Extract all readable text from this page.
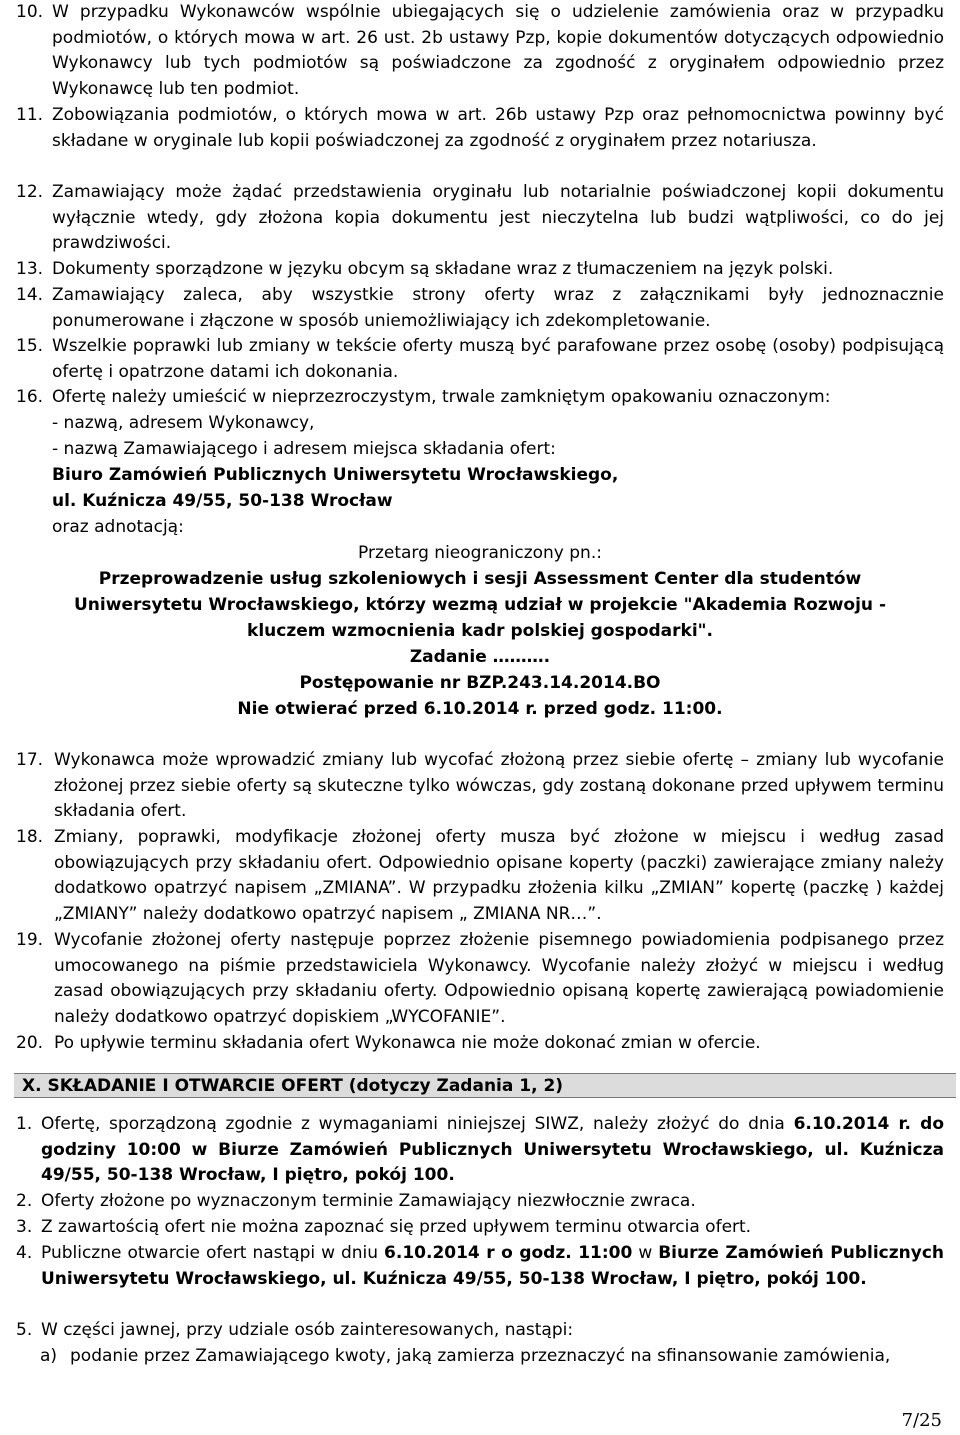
10. W przypadku Wykonawców wspólnie ubiegających się o udzielenie zamówienia oraz w przypadku podmiotów, o których mowa w art. 26 ust. 2b ustawy Pzp, kopie dokumentów dotyczących odpowiednio Wykonawcy lub tych podmiotów są poświadczone za zgodność z oryginałem odpowiednio przez Wykonawcę lub ten podmiot.
11. Zobowiązania podmiotów, o których mowa w art. 26b ustawy Pzp oraz pełnomocnictwa powinny być składane w oryginale lub kopii poświadczonej za zgodność z oryginałem przez notariusza.
12. Zamawiający może żądać przedstawienia oryginału lub notarialnie poświadczonej kopii dokumentu wyłącznie wtedy, gdy złożona kopia dokumentu jest nieczytelna lub budzi wątpliwości, co do jej prawdziwości.
13. Dokumenty sporządzone w języku obcym są składane wraz z tłumaczeniem na język polski.
14. Zamawiający zaleca, aby wszystkie strony oferty wraz z załącznikami były jednoznacznie ponumerowane i złączone w sposób uniemożliwiający ich zdekompletowanie.
15. Wszelkie poprawki lub zmiany w tekście oferty muszą być parafowane przez osobę (osoby) podpisującą ofertę i opatrzone datami ich dokonania.
16. Ofertę należy umieścić w nieprzezroczystym, trwale zamkniętym opakowaniu oznaczonym:
- nazwą, adresem Wykonawcy,
- nazwą Zamawiającego i adresem miejsca składania ofert:
Biuro Zamówień Publicznych Uniwersytetu Wrocławskiego,
ul. Kuźnicza 49/55, 50-138 Wrocław
oraz adnotacją:
Przetarg nieograniczony pn.:
Przeprowadzenie usług szkoleniowych i sesji Assessment Center dla studentów
Uniwersytetu Wrocławskiego, którzy wezmą udział w projekcie "Akademia Rozwoju -
kluczem wzmocnienia kadr polskiej gospodarki".
Zadanie ……….
Postępowanie nr BZP.243.14.2014.BO
Nie otwierać przed 6.10.2014 r. przed godz. 11:00.
17. Wykonawca może wprowadzić zmiany lub wycofać złożoną przez siebie ofertę – zmiany lub wycofanie złożonej przez siebie oferty są skuteczne tylko wówczas, gdy zostaną dokonane przed upływem terminu składania ofert.
18. Zmiany, poprawki, modyfikacje złożonej oferty musza być złożone w miejscu i według zasad obowiązujących przy składaniu ofert. Odpowiednio opisane koperty (paczki) zawierające zmiany należy dodatkowo opatrzyć napisem „ZMIANA”. W przypadku złożenia kilku „ZMIAN” kopertę (paczkę ) każdej „ZMIANY” należy dodatkowo opatrzyć napisem „ ZMIANA NR…”.
19. Wycofanie złożonej oferty następuje poprzez złożenie pisemnego powiadomienia podpisanego przez umocowanego na piśmie przedstawiciela Wykonawcy. Wycofanie należy złożyć w miejscu i według zasad obowiązujących przy składaniu oferty. Odpowiednio opisaną kopertę zawierającą powiadomienie należy dodatkowo opatrzyć dopiskiem „WYCOFANIE”.
20. Po upływie terminu składania ofert Wykonawca nie może dokonać zmian w ofercie.
X. SKŁADANIE I OTWARCIE OFERT (dotyczy Zadania 1, 2)
1. Ofertę, sporządzoną zgodnie z wymaganiami niniejszej SIWZ, należy złożyć do dnia 6.10.2014 r. do godziny 10:00 w Biurze Zamówień Publicznych Uniwersytetu Wrocławskiego, ul. Kuźnicza 49/55, 50-138 Wrocław, I piętro, pokój 100.
2. Oferty złożone po wyznaczonym terminie Zamawiający niezwłocznie zwraca.
3. Z zawartością ofert nie można zapoznać się przed upływem terminu otwarcia ofert.
4. Publiczne otwarcie ofert nastąpi w dniu 6.10.2014 r o godz. 11:00 w Biurze Zamówień Publicznych Uniwersytetu Wrocławskiego, ul. Kuźnicza 49/55, 50-138 Wrocław, I piętro, pokój 100.
5. W części jawnej, przy udziale osób zainteresowanych, nastąpi:
a) podanie przez Zamawiającego kwoty, jaką zamierza przeznaczyć na sfinansowanie zamówienia,
7/25
